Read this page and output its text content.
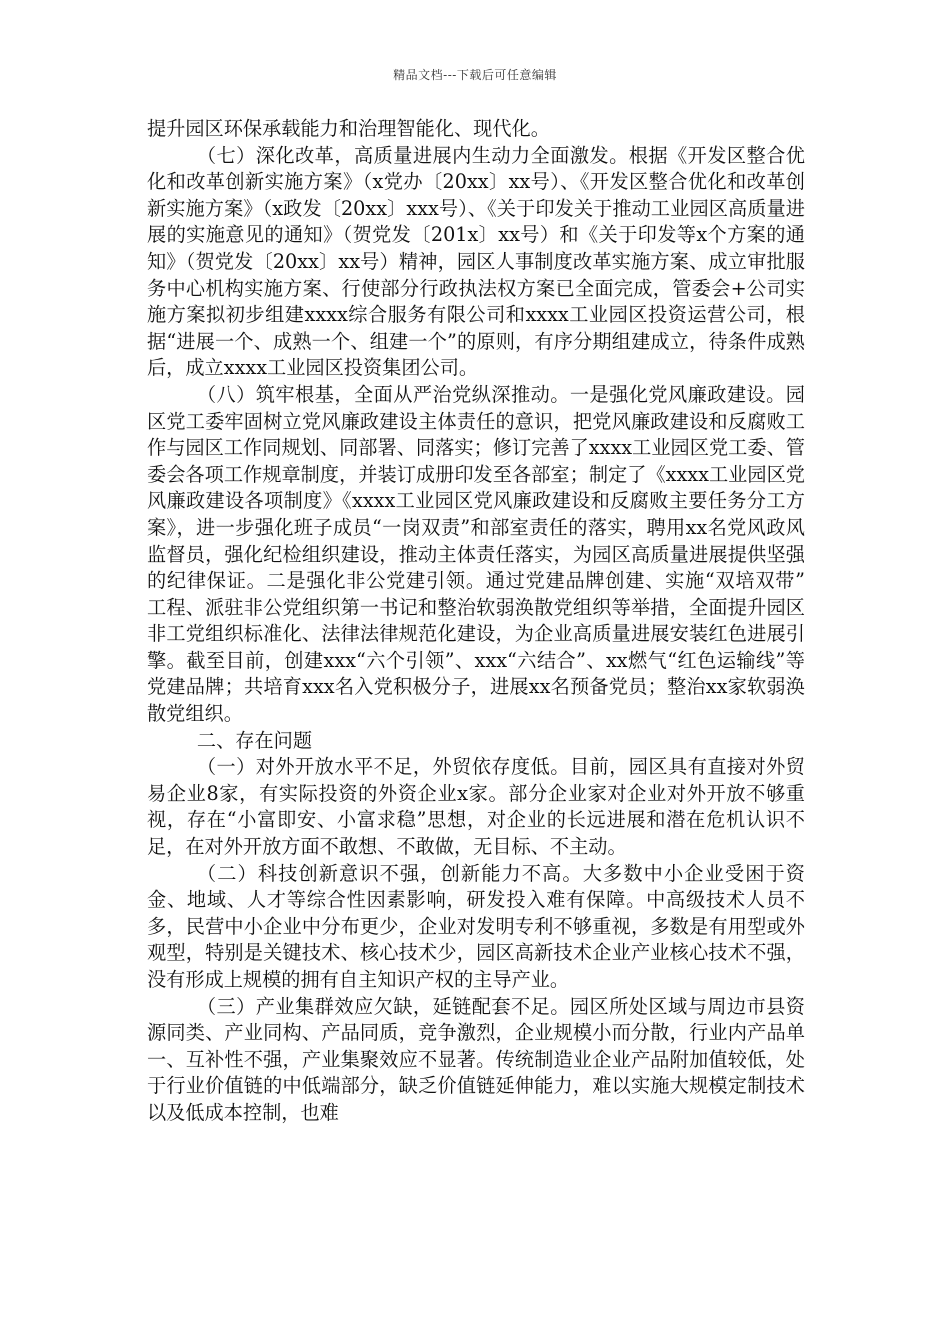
精品文档---下载后可任意编辑

提升园区环保承载能力和治理智能化、现代化。

（七）深化改革，高质量进展内生动力全面激发。根据《开发区整合优化和改革创新实施方案》（x党办〔20xx〕xx号）、《开发区整合优化和改革创新实施方案》（x政发〔20xx〕xxx号）、《关于印发关于推动工业园区高质量进展的实施意见的通知》（贺党发〔201x〕xx号）和《关于印发等x个方案的通知》（贺党发〔20xx〕xx号）精神，园区人事制度改革实施方案、成立审批服务中心机构实施方案、行使部分行政执法权方案已全面完成，管委会+公司实施方案拟初步组建xxxx综合服务有限公司和xxxx工业园区投资运营公司，根据“进展一个、成熟一个、组建一个”的原则，有序分期组建成立，待条件成熟后，成立xxxx工业园区投资集团公司。

（八）筑牢根基，全面从严治党纵深推动。一是强化党风廉政建设。园区党工委牢固树立党风廉政建设主体责任的意识，把党风廉政建设和反腐败工作与园区工作同规划、同部署、同落实；修订完善了xxxx工业园区党工委、管委会各项工作规章制度，并装订成册印发至各部室；制定了《xxxx工业园区党风廉政建设各项制度》《xxxx工业园区党风廉政建设和反腐败主要任务分工方案》，进一步强化班子成员“一岗双责”和部室责任的落实，聘用xx名党风政风监督员，强化纪检组织建设，推动主体责任落实，为园区高质量进展提供坚强的纪律保证。二是强化非公党建引领。通过党建品牌创建、实施“双培双带” 工程、派驻非公党组织第一书记和整治软弱涣散党组织等举措，全面提升园区非工党组织标准化、法律法律规范化建设，为企业高质量进展安装红色进展引擎。截至目前，创建xxx“六个引领”、xxx“六结合”、xx燃气“红色运输线”等党建品牌；共培育xxx名入党积极分子，进展xx名预备党员；整治xx家软弱涣散党组织。

二、存在问题

（一）对外开放水平不足，外贸依存度低。目前，园区具有直接对外贸易企业8家，有实际投资的外资企业x家。部分企业家对企业对外开放不够重视，存在“小富即安、小富求稳”思想，对企业的长远进展和潜在危机认识不足，在对外开放方面不敢想、不敢做，无目标、不主动。

（二）科技创新意识不强，创新能力不高。大多数中小企业受困于资金、地域、人才等综合性因素影响，研发投入难有保障。中高级技术人员不多，民营中小企业中分布更少，企业对发明专利不够重视，多数是有用型或外观型，特别是关键技术、核心技术少，园区高新技术企业产业核心技术不强，没有形成上规模的拥有自主知识产权的主导产业。

（三）产业集群效应欠缺，延链配套不足。园区所处区域与周边市县资源同类、产业同构、产品同质，竞争激烈，企业规模小而分散，行业内产品单一、互补性不强，产业集聚效应不显著。传统制造业企业产品附加值较低，处于行业价值链的中低端部分，缺乏价值链延伸能力，难以实施大规模定制技术以及低成本控制，也难
